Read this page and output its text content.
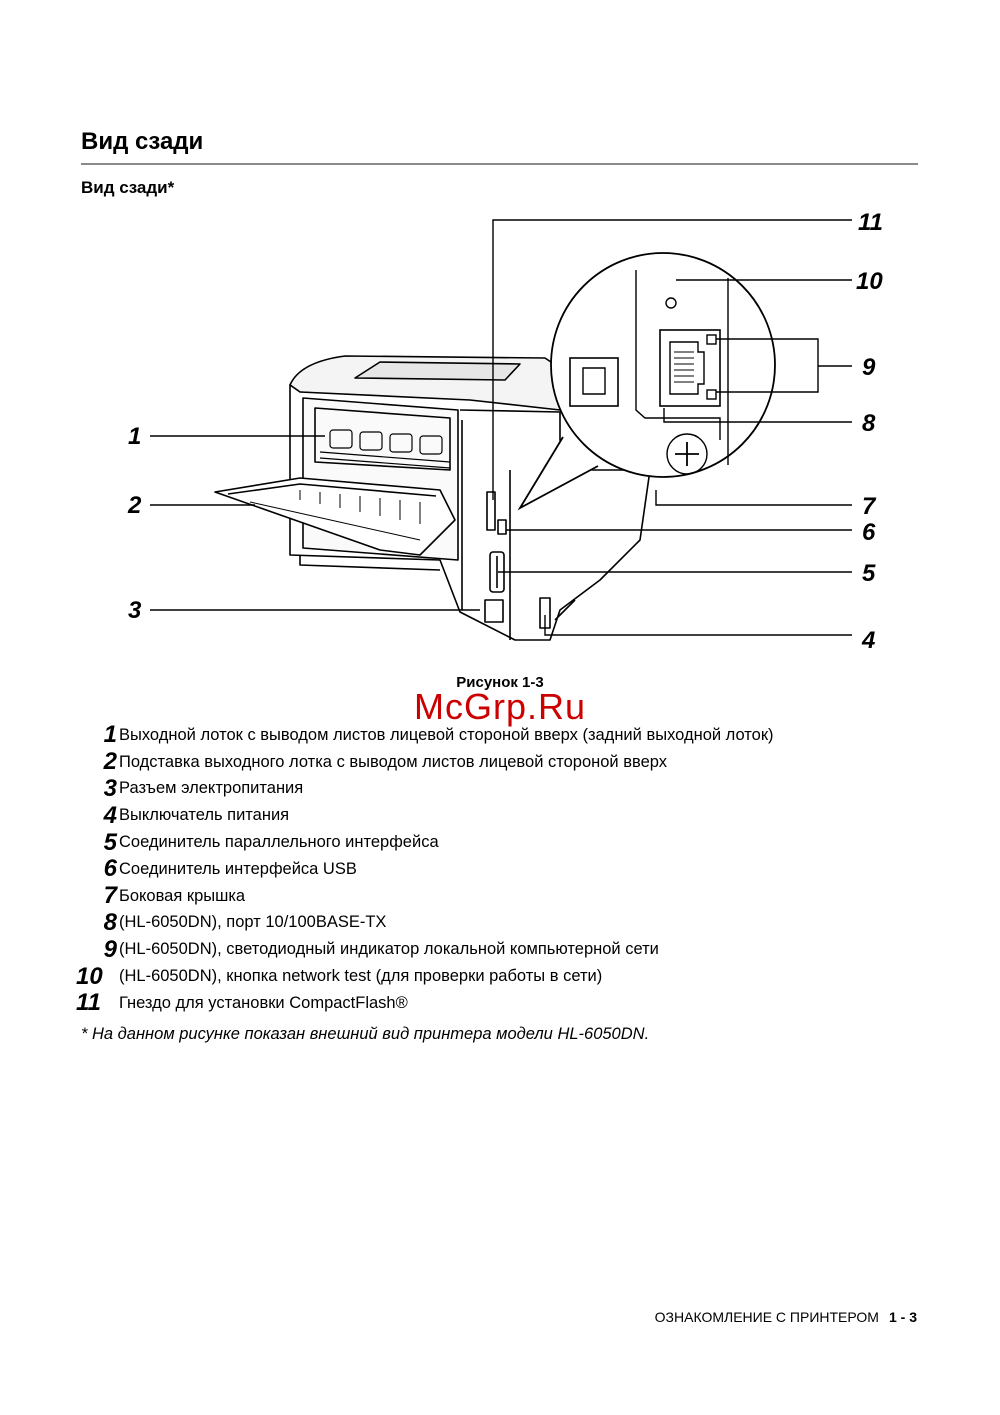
Вид сзади
Вид сзади*
1
2
3
4
5
6
7
8
9
10
11
Рисунок 1-3
McGrp.Ru
1 Выходной лоток с выводом листов лицевой стороной вверх (задний выходной лоток)
2 Подставка выходного лотка с выводом листов лицевой стороной вверх
3 Разъем электропитания
4 Выключатель питания
5 Соединитель параллельного интерфейса
6 Соединитель интерфейса USB
7 Боковая крышка
8 (HL-6050DN), порт 10/100BASE-TX
9 (HL-6050DN), светодиодный индикатор локальной компьютерной сети
10 (HL-6050DN), кнопка network test (для проверки работы в сети)
11	Гнездо для установки CompactFlash®
* На данном рисунке показан внешний вид принтера модели HL-6050DN.
ОЗНАКОМЛЕНИЕ С ПРИНТЕРОМ 1 - 3
